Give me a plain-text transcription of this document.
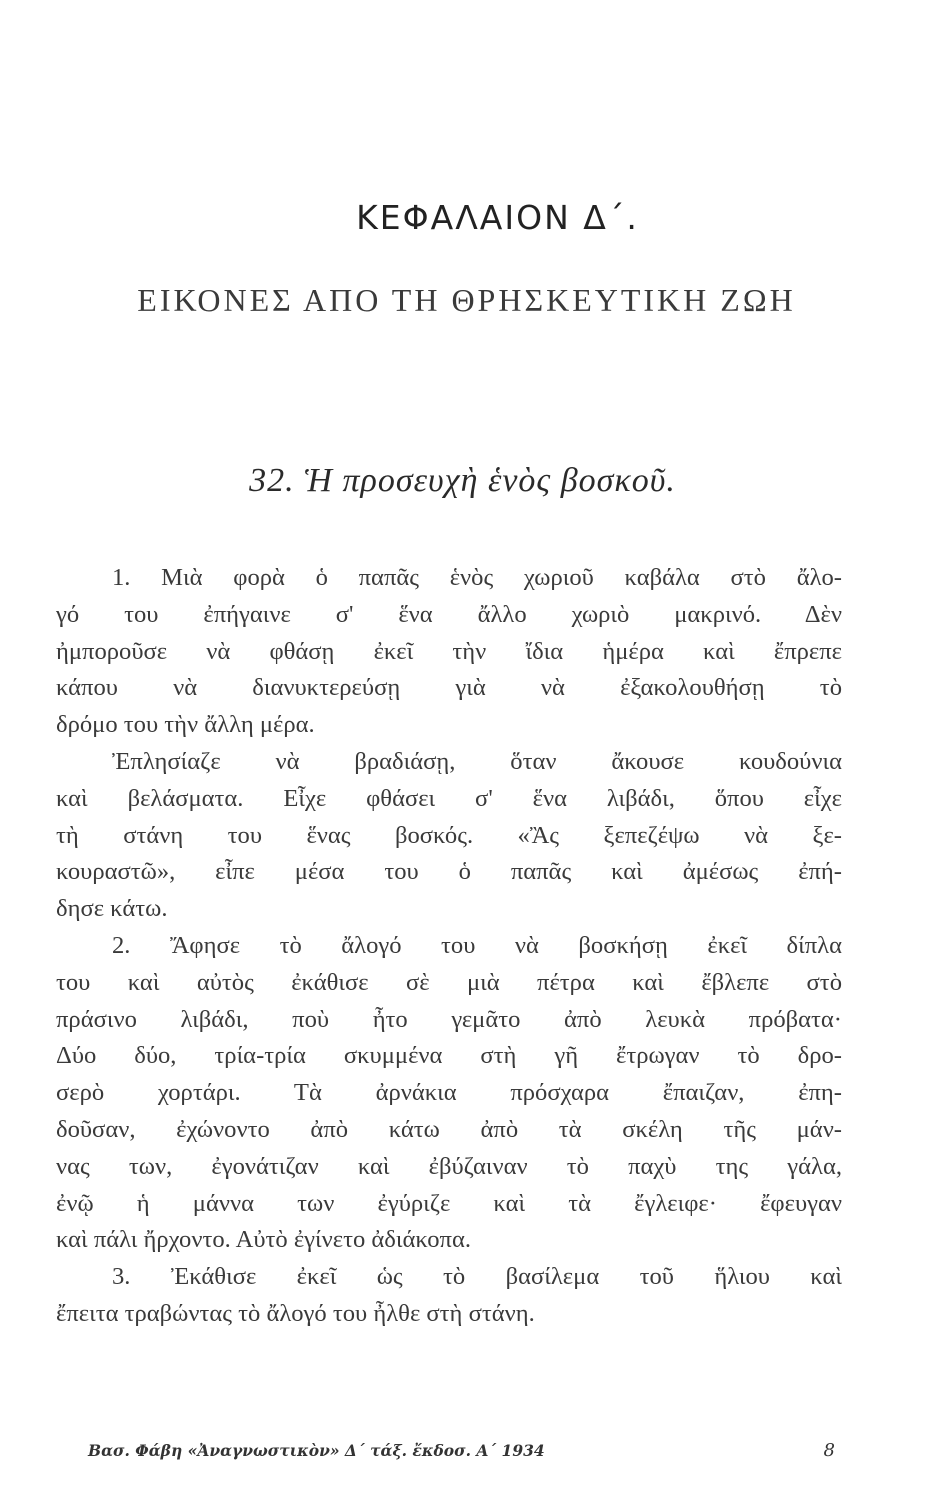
ΚΕΦΑΛΑΙΟΝ Δ΄.
ΕΙΚΟΝΕΣ ΑΠΟ ΤΗ ΘΡΗΣΚΕΥΤΙΚΗ ΖΩΗ
32. Ἡ προσευχὴ ἑνὸς βοσκοῦ.
1. Μιὰ φορὰ ὁ παπᾶς ἑνὸς χωριοῦ καβάλα στὸ ἄλο-
γό του ἐπήγαινε σ' ἕνα ἄλλο χωριὸ μακρινό. Δὲν
ἠμποροῦσε νὰ φθάσῃ ἐκεῖ τὴν ἴδια ἡμέρα καὶ ἔπρεπε
κάπου νὰ διανυκτερεύσῃ γιὰ νὰ ἐξακολουθήσῃ τὸ
δρόμο του τὴν ἄλλη μέρα.
Ἐπλησίαζε νὰ βραδιάσῃ, ὅταν ἄκουσε κουδούνια
καὶ βελάσματα. Εἶχε φθάσει σ' ἕνα λιβάδι, ὅπου εἶχε
τὴ στάνη του ἕνας βοσκός. «Ἂς ξεπεζέψω νὰ ξε-
κουραστῶ», εἶπε μέσα του ὁ παπᾶς καὶ ἀμέσως ἐπή-
δησε κάτω.
2. Ἄφησε τὸ ἄλογό του νὰ βοσκήσῃ ἐκεῖ δίπλα
του καὶ αὐτὸς ἐκάθισε σὲ μιὰ πέτρα καὶ ἔβλεπε στὸ
πράσινο λιβάδι, ποὺ ἦτο γεμᾶτο ἀπὸ λευκὰ πρόβατα·
Δύο δύο, τρία-τρία σκυμμένα στὴ γῆ ἔτρωγαν τὸ δρο-
σερὸ χορτάρι. Τὰ ἀρνάκια πρόσχαρα ἔπαιζαν, ἐπη-
δοῦσαν, ἐχώνοντο ἀπὸ κάτω ἀπὸ τὰ σκέλη τῆς μάν-
νας των, ἐγονάτιζαν καὶ ἐβύζαιναν τὸ παχὺ της γάλα,
ἐνῷ ἡ μάννα των ἐγύριζε καὶ τὰ ἔγλειφε· ἔφευγαν
καὶ πάλι ἤρχοντο. Αὐτὸ ἐγίνετο ἀδιάκοπα.
3. Ἐκάθισε ἐκεῖ ὡς τὸ βασίλεμα τοῦ ἥλιου καὶ
ἔπειτα τραβώντας τὸ ἄλογό του ἦλθε στὴ στάνη.
Βασ. Φάβη «Ἀναγνωστικὸν» Δ΄ τάξ. ἔκδοσ. Α΄ 1934	8
